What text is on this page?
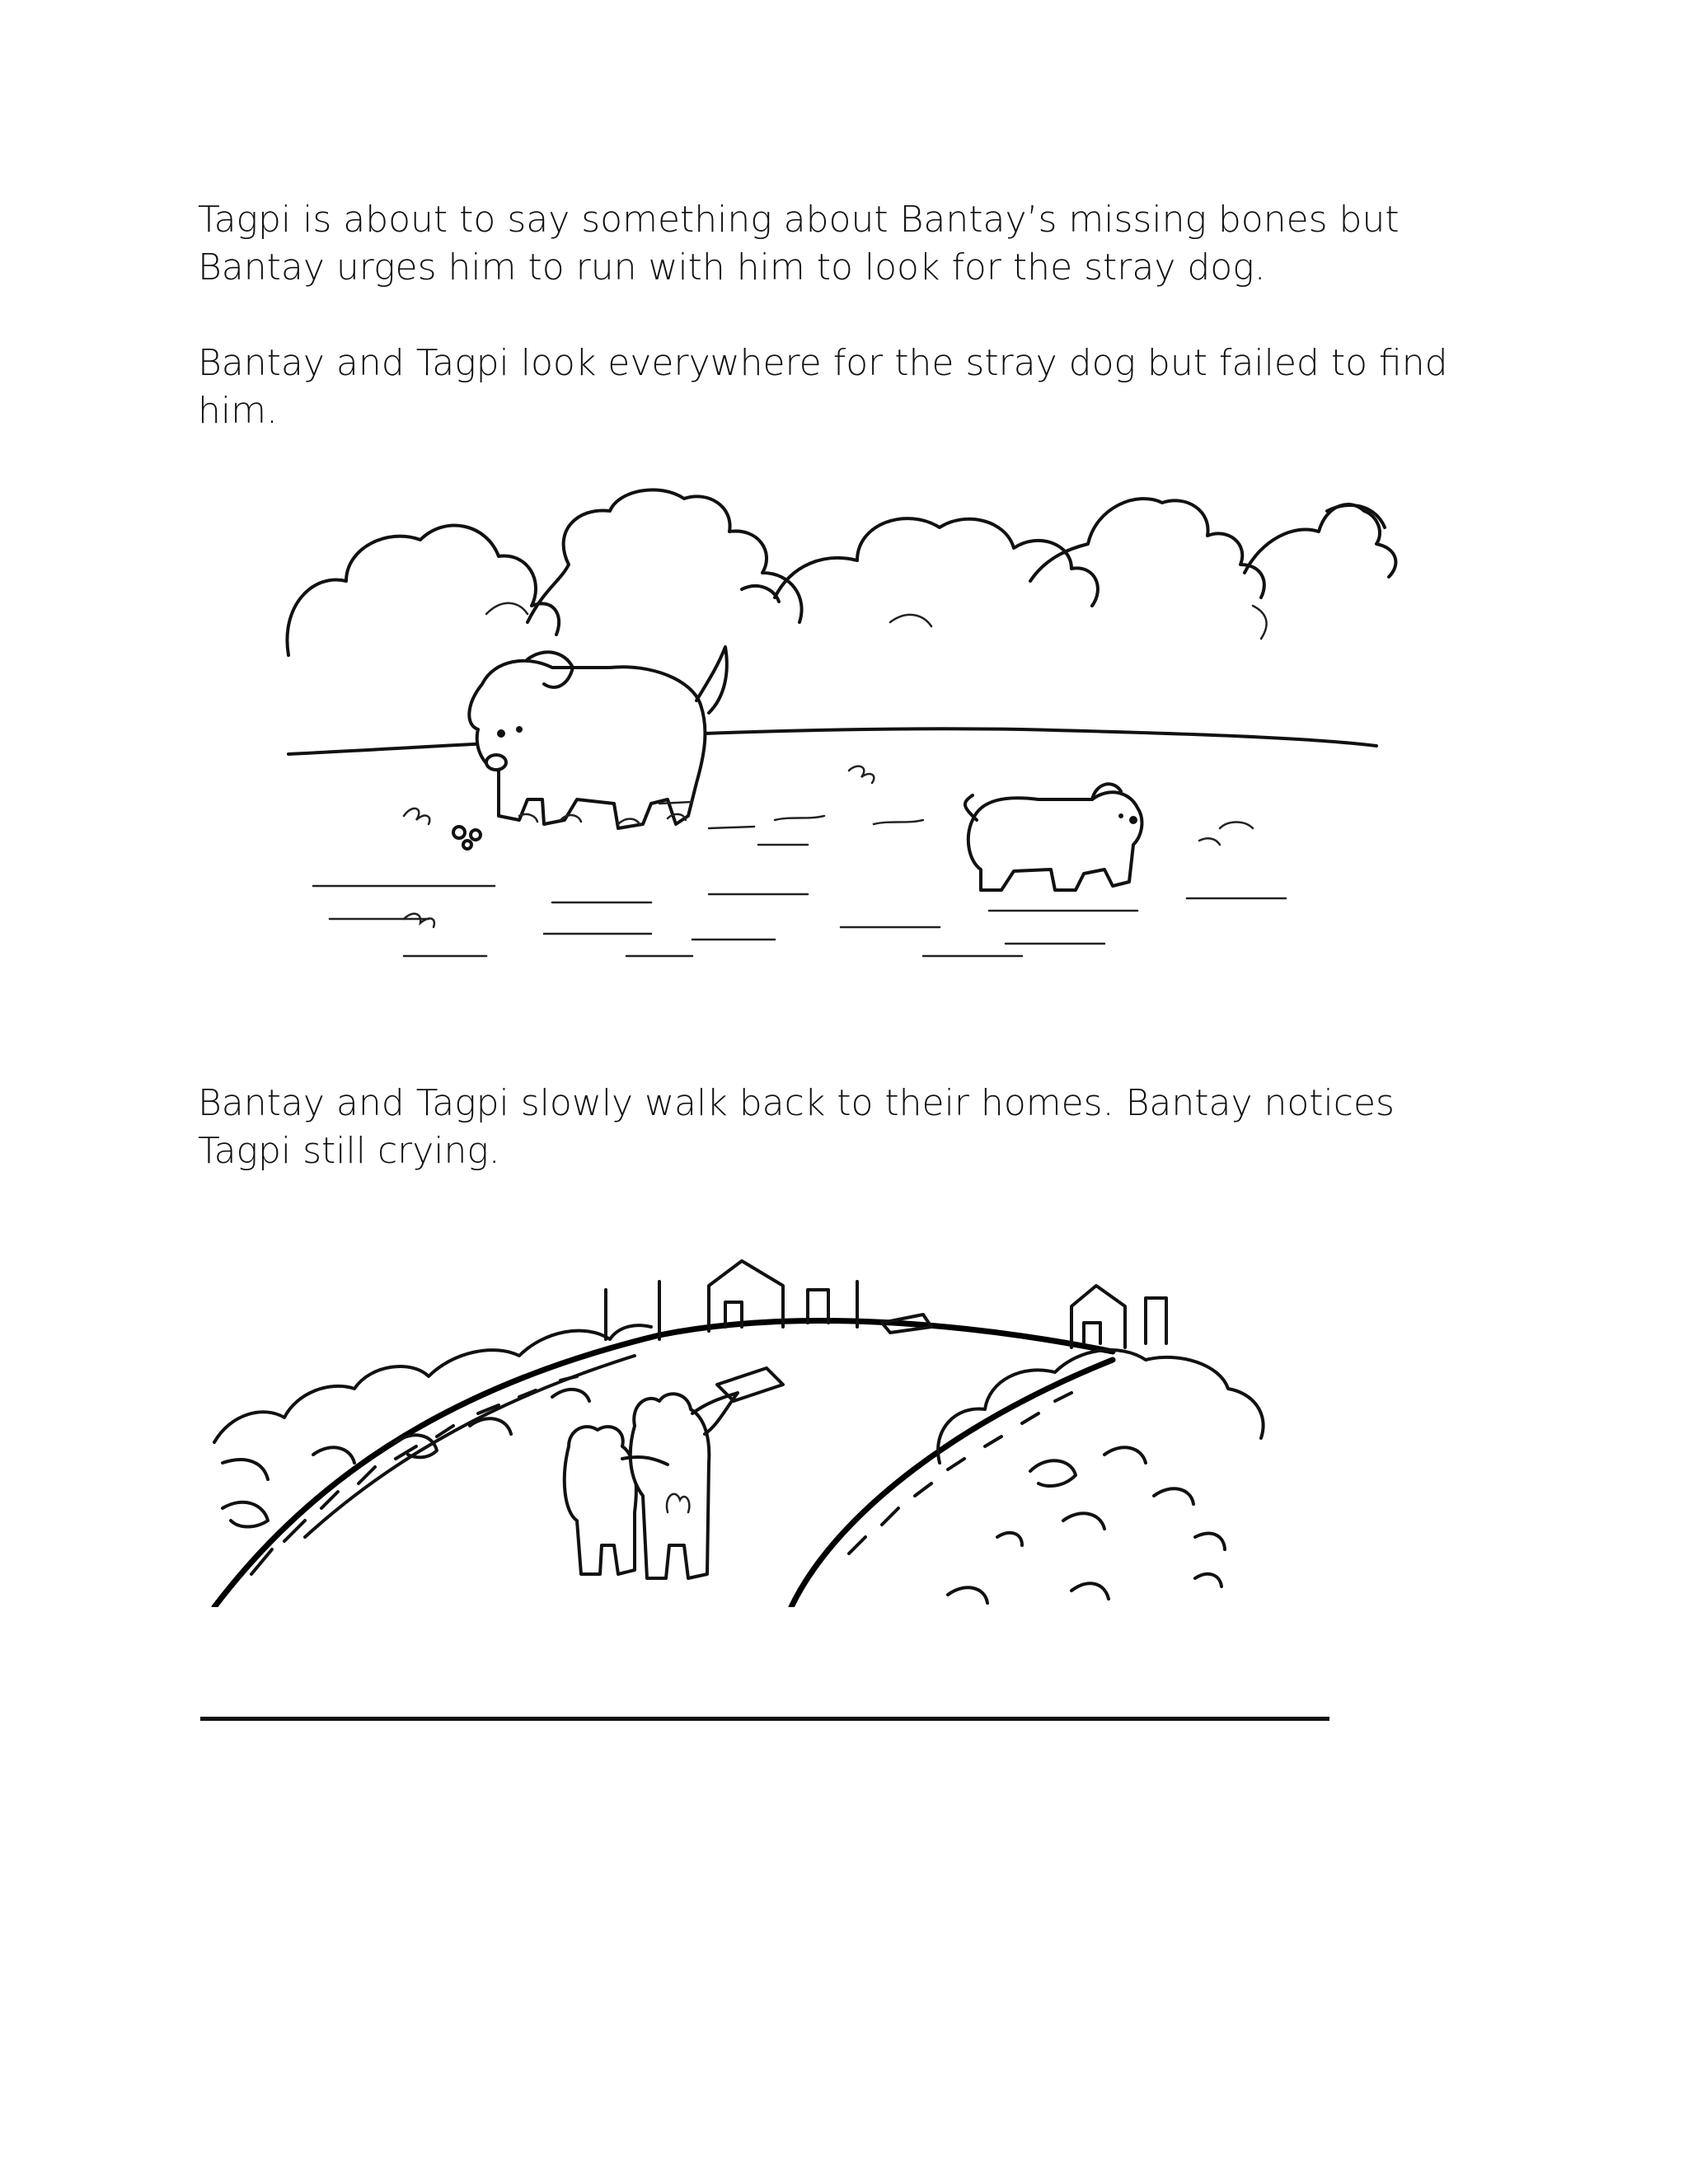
Tagpi is about to say something about Bantay’s missing bones but
Bantay urges him to run with him to look for the stray dog.

Bantay and Tagpi look everywhere for the stray dog but failed to find
him.

Bantay and Tagpi slowly walk back to their homes. Bantay notices
Tagpi still crying.
